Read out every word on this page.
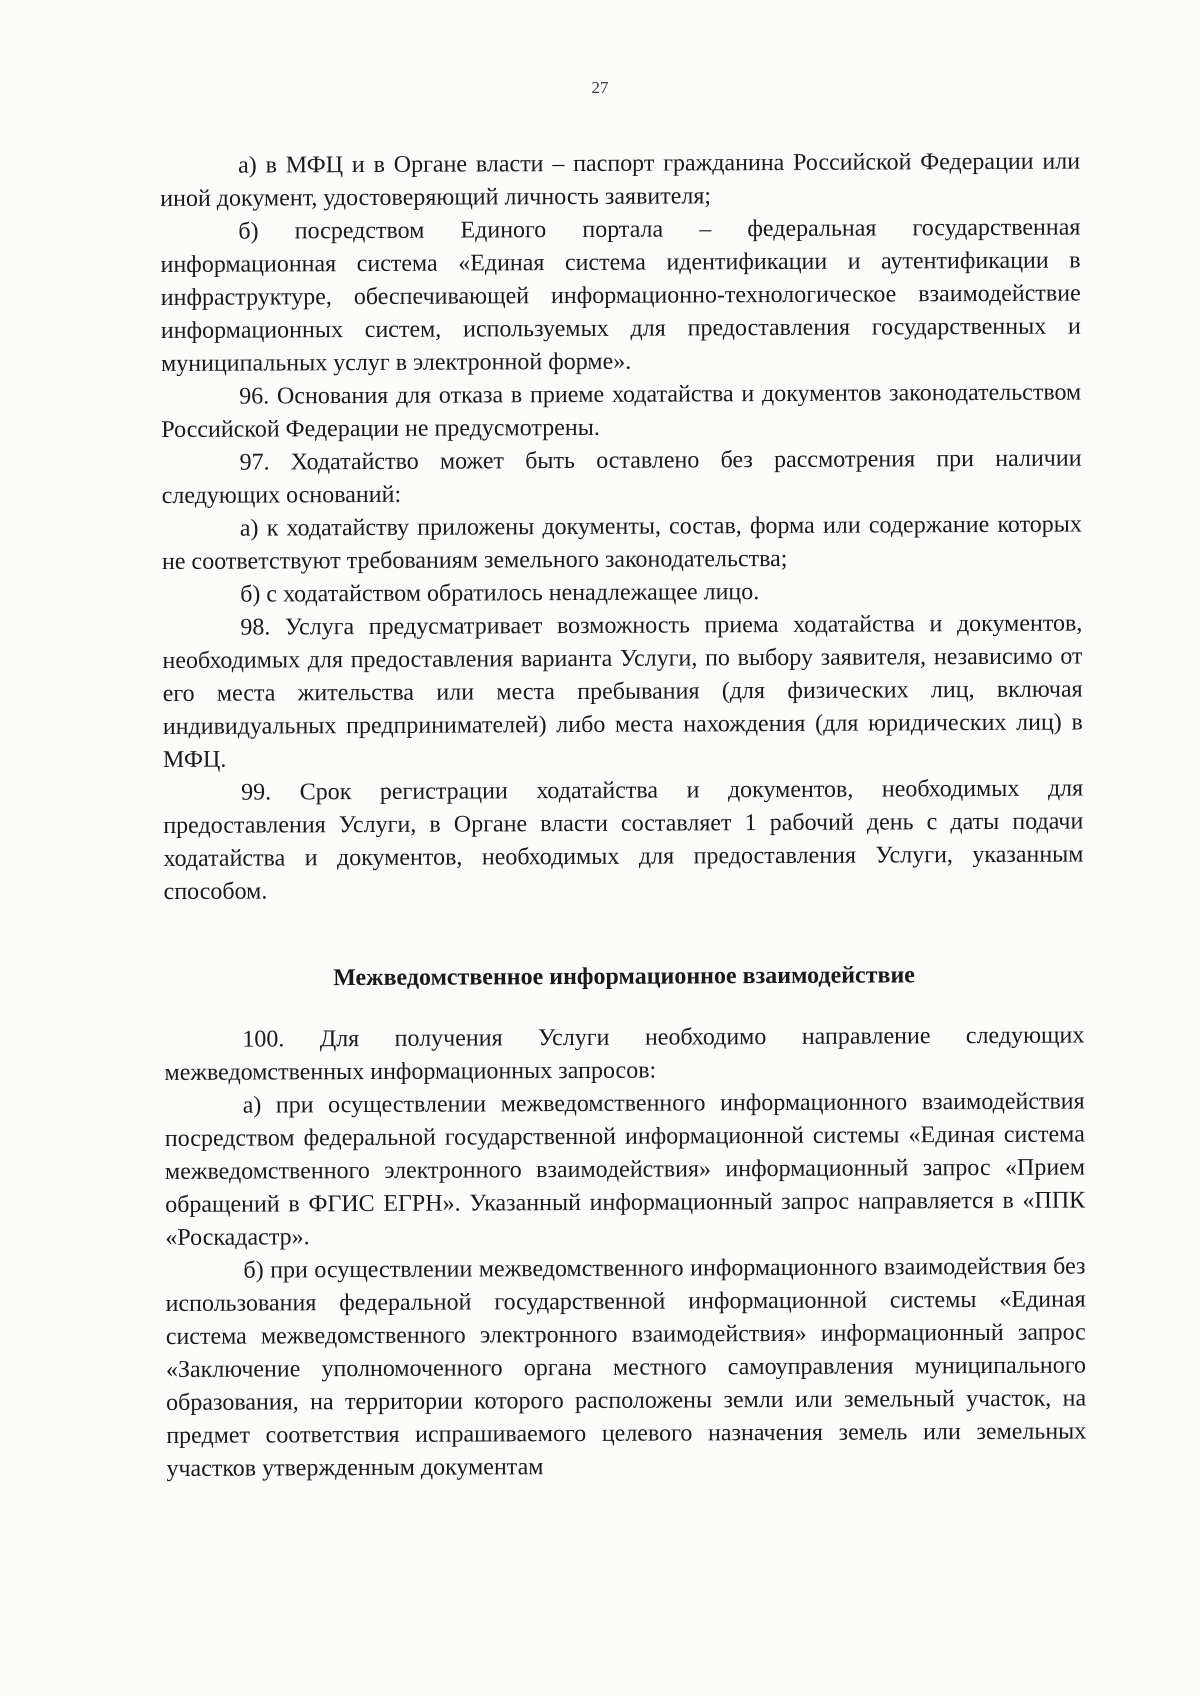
27

а) в МФЦ и в Органе власти – паспорт гражданина Российской Федерации или иной документ, удостоверяющий личность заявителя;

б) посредством Единого портала – федеральная государственная информационная система «Единая система идентификации и аутентификации в инфраструктуре, обеспечивающей информационно-технологическое взаимодействие информационных систем, используемых для предоставления государственных и муниципальных услуг в электронной форме».

96. Основания для отказа в приеме ходатайства и документов законодательством Российской Федерации не предусмотрены.

97. Ходатайство может быть оставлено без рассмотрения при наличии следующих оснований:

а) к ходатайству приложены документы, состав, форма или содержание которых не соответствуют требованиям земельного законодательства;

б) с ходатайством обратилось ненадлежащее лицо.

98. Услуга предусматривает возможность приема ходатайства и документов, необходимых для предоставления варианта Услуги, по выбору заявителя, независимо от его места жительства или места пребывания (для физических лиц, включая индивидуальных предпринимателей) либо места нахождения (для юридических лиц) в МФЦ.

99. Срок регистрации ходатайства и документов, необходимых для предоставления Услуги, в Органе власти составляет 1 рабочий день с даты подачи ходатайства и документов, необходимых для предоставления Услуги, указанным способом.

Межведомственное информационное взаимодействие

100. Для получения Услуги необходимо направление следующих межведомственных информационных запросов:

а) при осуществлении межведомственного информационного взаимодействия посредством федеральной государственной информационной системы «Единая система межведомственного электронного взаимодействия» информационный запрос «Прием обращений в ФГИС ЕГРН». Указанный информационный запрос направляется в «ППК «Роскадастр».

б) при осуществлении межведомственного информационного взаимодействия без использования федеральной государственной информационной системы «Единая система межведомственного электронного взаимодействия» информационный запрос «Заключение уполномоченного органа местного самоуправления муниципального образования, на территории которого расположены земли или земельный участок, на предмет соответствия испрашиваемого целевого назначения земель или земельных участков утвержденным документам
